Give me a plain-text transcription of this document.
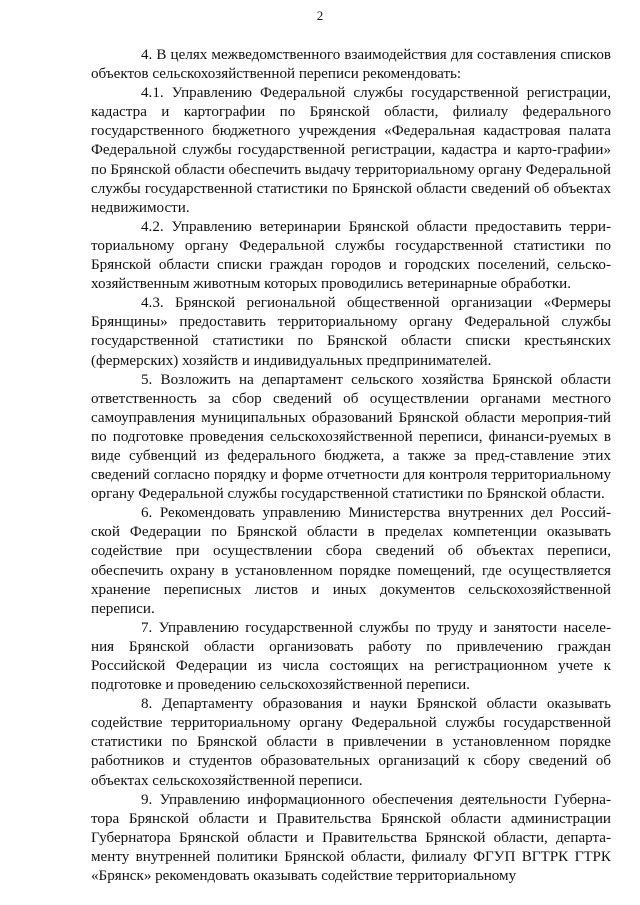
2

4. В целях межведомственного взаимодействия для составления списков объектов сельскохозяйственной переписи рекомендовать:

4.1. Управлению Федеральной службы государственной регистрации, кадастра и картографии по Брянской области, филиалу федерального государственного бюджетного учреждения «Федеральная кадастровая палата Федеральной службы государственной регистрации, кадастра и карто-графии» по Брянской области обеспечить выдачу территориальному органу Федеральной службы государственной статистики по Брянской области сведений об объектах недвижимости.

4.2. Управлению ветеринарии Брянской области предоставить терри-ториальному органу Федеральной службы государственной статистики по Брянской области списки граждан городов и городских поселений, сельско-хозяйственным животным которых проводились ветеринарные обработки.

4.3. Брянской региональной общественной организации «Фермеры Брянщины» предоставить территориальному органу Федеральной службы государственной статистики по Брянской области списки крестьянских (фермерских) хозяйств и индивидуальных предпринимателей.

5. Возложить на департамент сельского хозяйства Брянской области ответственность за сбор сведений об осуществлении органами местного самоуправления муниципальных образований Брянской области мероприя-тий по подготовке проведения сельскохозяйственной переписи, финанси-руемых в виде субвенций из федерального бюджета, а также за пред-ставление этих сведений согласно порядку и форме отчетности для контроля территориальному органу Федеральной службы государственной статистики по Брянской области.

6. Рекомендовать управлению Министерства внутренних дел Россий-ской Федерации по Брянской области в пределах компетенции оказывать содействие при осуществлении сбора сведений об объектах переписи, обеспечить охрану в установленном порядке помещений, где осуществляется хранение переписных листов и иных документов сельскохозяйственной переписи.

7. Управлению государственной службы по труду и занятости населе-ния Брянской области организовать работу по привлечению граждан Российской Федерации из числа состоящих на регистрационном учете к подготовке и проведению сельскохозяйственной переписи.

8. Департаменту образования и науки Брянской области оказывать содействие территориальному органу Федеральной службы государственной статистики по Брянской области в привлечении в установленном порядке работников и студентов образовательных организаций к сбору сведений об объектах сельскохозяйственной переписи.

9. Управлению информационного обеспечения деятельности Губерна-тора Брянской области и Правительства Брянской области администрации Губернатора Брянской области и Правительства Брянской области, департа-менту внутренней политики Брянской области, филиалу ФГУП ВГТРК ГТРК «Брянск» рекомендовать оказывать содействие территориальному
